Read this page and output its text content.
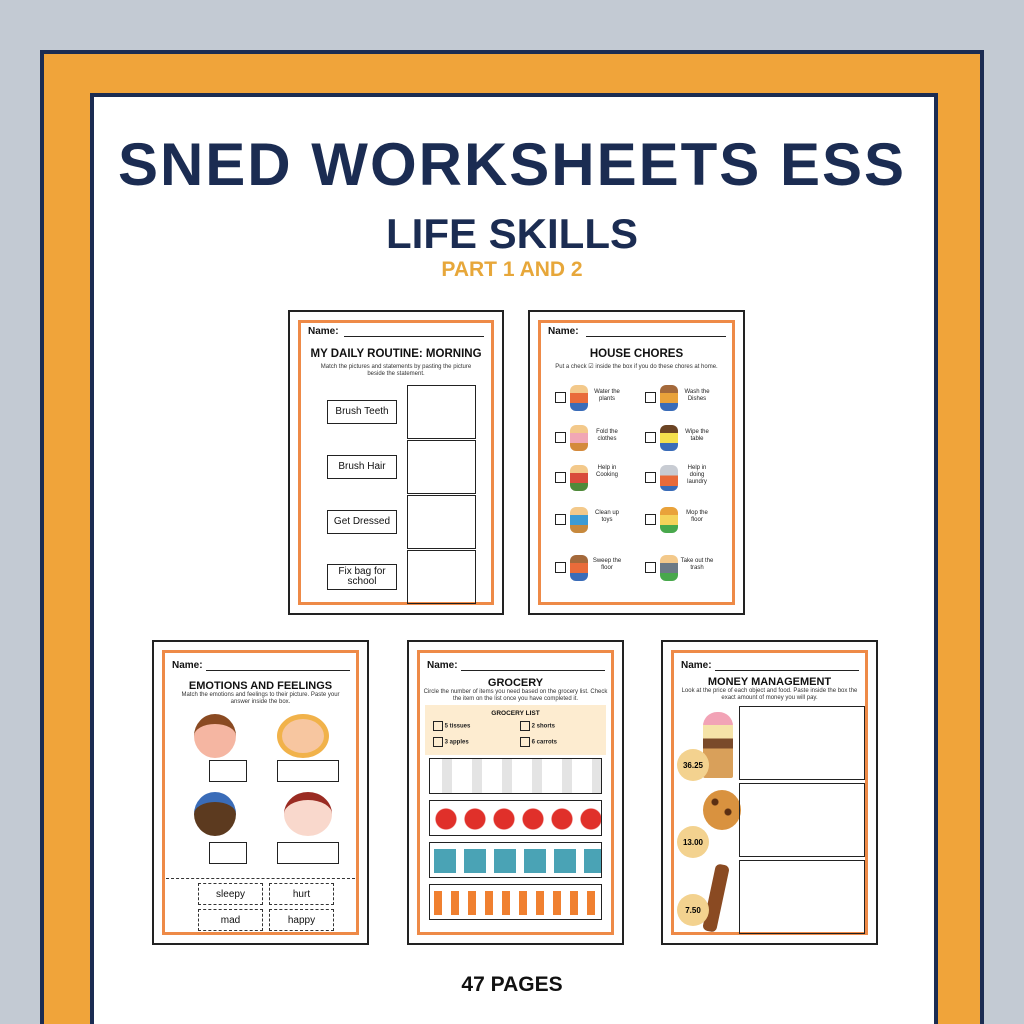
SNED WORKSHEETS ESS
LIFE SKILLS
PART 1 AND 2
Name:
MY DAILY ROUTINE: MORNING
Match the pictures and statements by pasting the picture beside the statement.
Brush Teeth
Brush Hair
Get Dressed
Fix bag for school
Name:
HOUSE CHORES
Put a check ☑ inside the box if you do these chores at home.
Water the plants
Wash the Dishes
Fold the clothes
Wipe the table
Help in Cooking
Help in doing laundry
Clean up toys
Mop the floor
Sweep the floor
Take out the trash
Name:
EMOTIONS AND FEELINGS
Match the emotions and feelings to their picture. Paste your answer inside the box.
sleepy	hurt
mad	happy
Name:
GROCERY
Circle the number of items you need based on the grocery list. Check the item on the list once you have completed it.
GROCERY LIST
5 tissues	2 shorts
3 apples	6 carrots
Name:
MONEY MANAGEMENT
Look at the price of each object and food. Paste inside the box the exact amount of money you will pay.
36.25
13.00
7.50
47 PAGES
